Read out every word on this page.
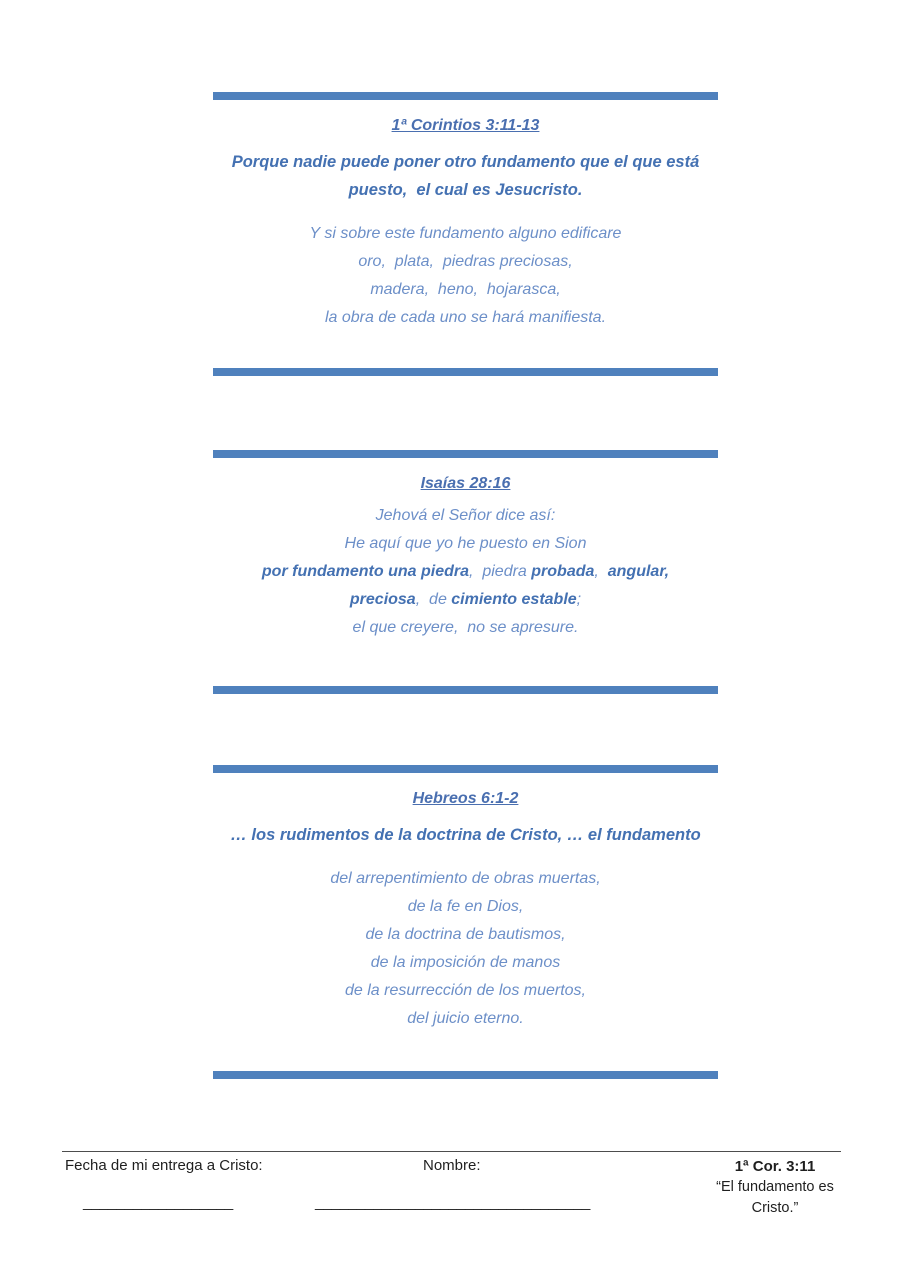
1ª Corintios 3:11-13
Porque nadie puede poner otro fundamento que el que está
puesto,  el cual es Jesucristo.
Y si sobre este fundamento alguno edificare
oro,  plata,  piedras preciosas,
madera,  heno,  hojarasca,
la obra de cada uno se hará manifiesta.
Isaías 28:16
Jehová el Señor dice así:
He aquí que yo he puesto en Sion
por fundamento una piedra,  piedra probada,  angular,
preciosa,  de cimiento estable;
el que creyere,  no se apresure.
Hebreos 6:1-2
… los rudimentos de la doctrina de Cristo, … el fundamento
del arrepentimiento de obras muertas,
de la fe en Dios,
de la doctrina de bautismos,
de la imposición de manos
de la resurrección de los muertos,
del juicio eterno.
Fecha de mi entrega a Cristo:	Nombre:	1ª Cor. 3:11
“El fundamento es
Cristo.”
__________________	_________________________________
